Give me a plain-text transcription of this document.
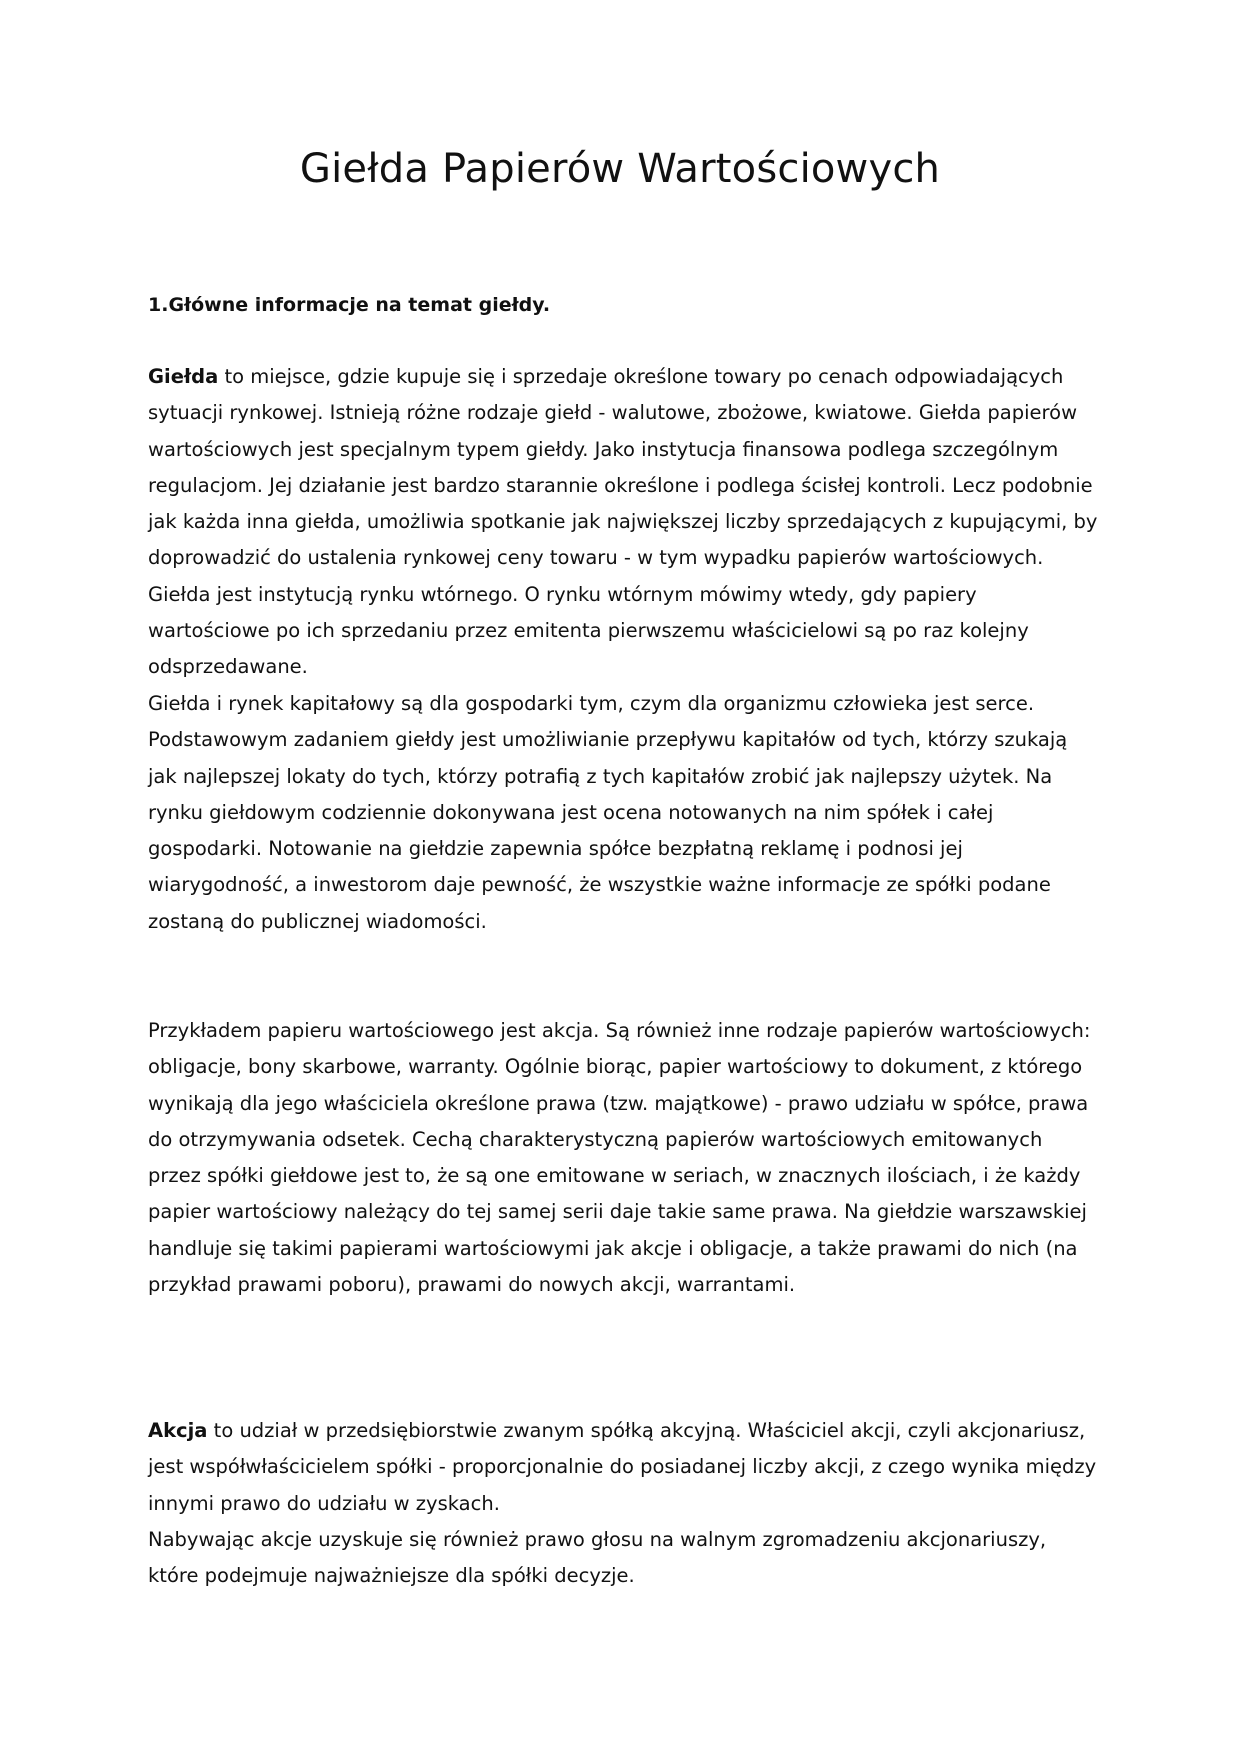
Giełda Papierów Wartościowych
1.Główne informacje na temat giełdy.

Giełda to miejsce, gdzie kupuje się i sprzedaje określone towary po cenach odpowiadających sytuacji rynkowej. Istnieją różne rodzaje giełd - walutowe, zbożowe, kwiatowe. Giełda papierów wartościowych jest specjalnym typem giełdy. Jako instytucja finansowa podlega szczególnym regulacjom. Jej działanie jest bardzo starannie określone i podlega ścisłej kontroli. Lecz podobnie jak każda inna giełda, umożliwia spotkanie jak największej liczby sprzedających z kupującymi, by doprowadzić do ustalenia rynkowej ceny towaru - w tym wypadku papierów wartościowych. Giełda jest instytucją rynku wtórnego. O rynku wtórnym mówimy wtedy, gdy papiery wartościowe po ich sprzedaniu przez emitenta pierwszemu właścicielowi są po raz kolejny odsprzedawane.

Giełda i rynek kapitałowy są dla gospodarki tym, czym dla organizmu człowieka jest serce. Podstawowym zadaniem giełdy jest umożliwianie przepływu kapitałów od tych, którzy szukają jak najlepszej lokaty do tych, którzy potrafią z tych kapitałów zrobić jak najlepszy użytek. Na rynku giełdowym codziennie dokonywana jest ocena notowanych na nim spółek i całej gospodarki. Notowanie na giełdzie zapewnia spółce bezpłatną reklamę i podnosi jej wiarygodność, a inwestorom daje pewność, że wszystkie ważne informacje ze spółki podane zostaną do publicznej wiadomości.

Przykładem papieru wartościowego jest akcja. Są również inne rodzaje papierów wartościowych: obligacje, bony skarbowe, warranty. Ogólnie biorąc, papier wartościowy to dokument, z którego wynikają dla jego właściciela określone prawa (tzw. majątkowe) - prawo udziału w spółce, prawa do otrzymywania odsetek. Cechą charakterystyczną papierów wartościowych emitowanych przez spółki giełdowe jest to, że są one emitowane w seriach, w znacznych ilościach, i że każdy papier wartościowy należący do tej samej serii daje takie same prawa. Na giełdzie warszawskiej handluje się takimi papierami wartościowymi jak akcje i obligacje, a także prawami do nich (na przykład prawami poboru), prawami do nowych akcji, warrantami.

Akcja to udział w przedsiębiorstwie zwanym spółką akcyjną. Właściciel akcji, czyli akcjonariusz, jest współwłaścicielem spółki - proporcjonalnie do posiadanej liczby akcji, z czego wynika między innymi prawo do udziału w zyskach.

Nabywając akcje uzyskuje się również prawo głosu na walnym zgromadzeniu akcjonariuszy, które podejmuje najważniejsze dla spółki decyzje.
